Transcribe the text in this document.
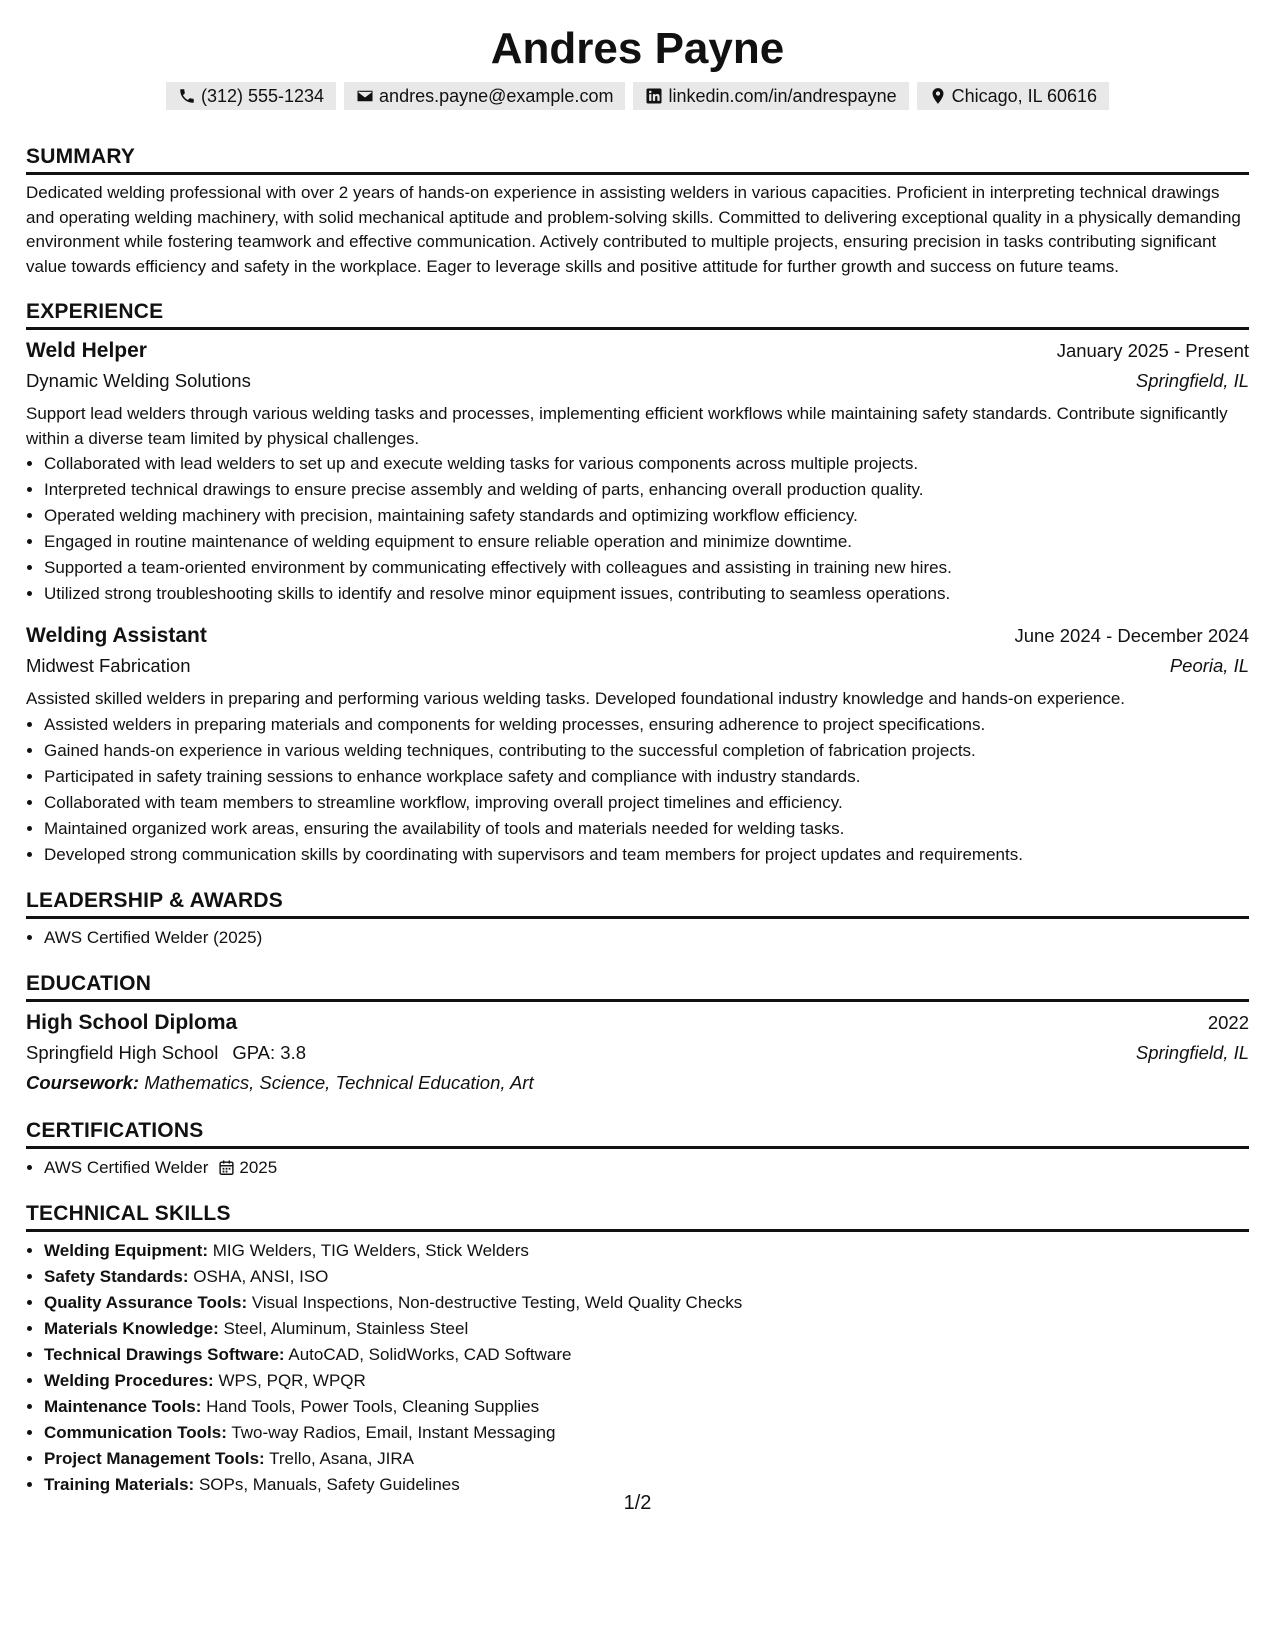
Andres Payne
(312) 555-1234	andres.payne@example.com	linkedin.com/in/andrespayne	Chicago, IL 60616
SUMMARY
Dedicated welding professional with over 2 years of hands-on experience in assisting welders in various capacities. Proficient in interpreting technical drawings and operating welding machinery, with solid mechanical aptitude and problem-solving skills. Committed to delivering exceptional quality in a physically demanding environment while fostering teamwork and effective communication. Actively contributed to multiple projects, ensuring precision in tasks contributing significant value towards efficiency and safety in the workplace. Eager to leverage skills and positive attitude for further growth and success on future teams.
EXPERIENCE
Weld Helper	January 2025 - Present
Dynamic Welding Solutions	Springfield, IL
Support lead welders through various welding tasks and processes, implementing efficient workflows while maintaining safety standards. Contribute significantly within a diverse team limited by physical challenges.
• Collaborated with lead welders to set up and execute welding tasks for various components across multiple projects.
• Interpreted technical drawings to ensure precise assembly and welding of parts, enhancing overall production quality.
• Operated welding machinery with precision, maintaining safety standards and optimizing workflow efficiency.
• Engaged in routine maintenance of welding equipment to ensure reliable operation and minimize downtime.
• Supported a team-oriented environment by communicating effectively with colleagues and assisting in training new hires.
• Utilized strong troubleshooting skills to identify and resolve minor equipment issues, contributing to seamless operations.
Welding Assistant	June 2024 - December 2024
Midwest Fabrication	Peoria, IL
Assisted skilled welders in preparing and performing various welding tasks. Developed foundational industry knowledge and hands-on experience.
• Assisted welders in preparing materials and components for welding processes, ensuring adherence to project specifications.
• Gained hands-on experience in various welding techniques, contributing to the successful completion of fabrication projects.
• Participated in safety training sessions to enhance workplace safety and compliance with industry standards.
• Collaborated with team members to streamline workflow, improving overall project timelines and efficiency.
• Maintained organized work areas, ensuring the availability of tools and materials needed for welding tasks.
• Developed strong communication skills by coordinating with supervisors and team members for project updates and requirements.
LEADERSHIP & AWARDS
• AWS Certified Welder (2025)
EDUCATION
High School Diploma	2022
Springfield High School GPA: 3.8	Springfield, IL
Coursework: Mathematics, Science, Technical Education, Art
CERTIFICATIONS
• AWS Certified Welder 2025
TECHNICAL SKILLS
• Welding Equipment: MIG Welders, TIG Welders, Stick Welders
• Safety Standards: OSHA, ANSI, ISO
• Quality Assurance Tools: Visual Inspections, Non-destructive Testing, Weld Quality Checks
• Materials Knowledge: Steel, Aluminum, Stainless Steel
• Technical Drawings Software: AutoCAD, SolidWorks, CAD Software
• Welding Procedures: WPS, PQR, WPQR
• Maintenance Tools: Hand Tools, Power Tools, Cleaning Supplies
• Communication Tools: Two-way Radios, Email, Instant Messaging
• Project Management Tools: Trello, Asana, JIRA
• Training Materials: SOPs, Manuals, Safety Guidelines
1/2
